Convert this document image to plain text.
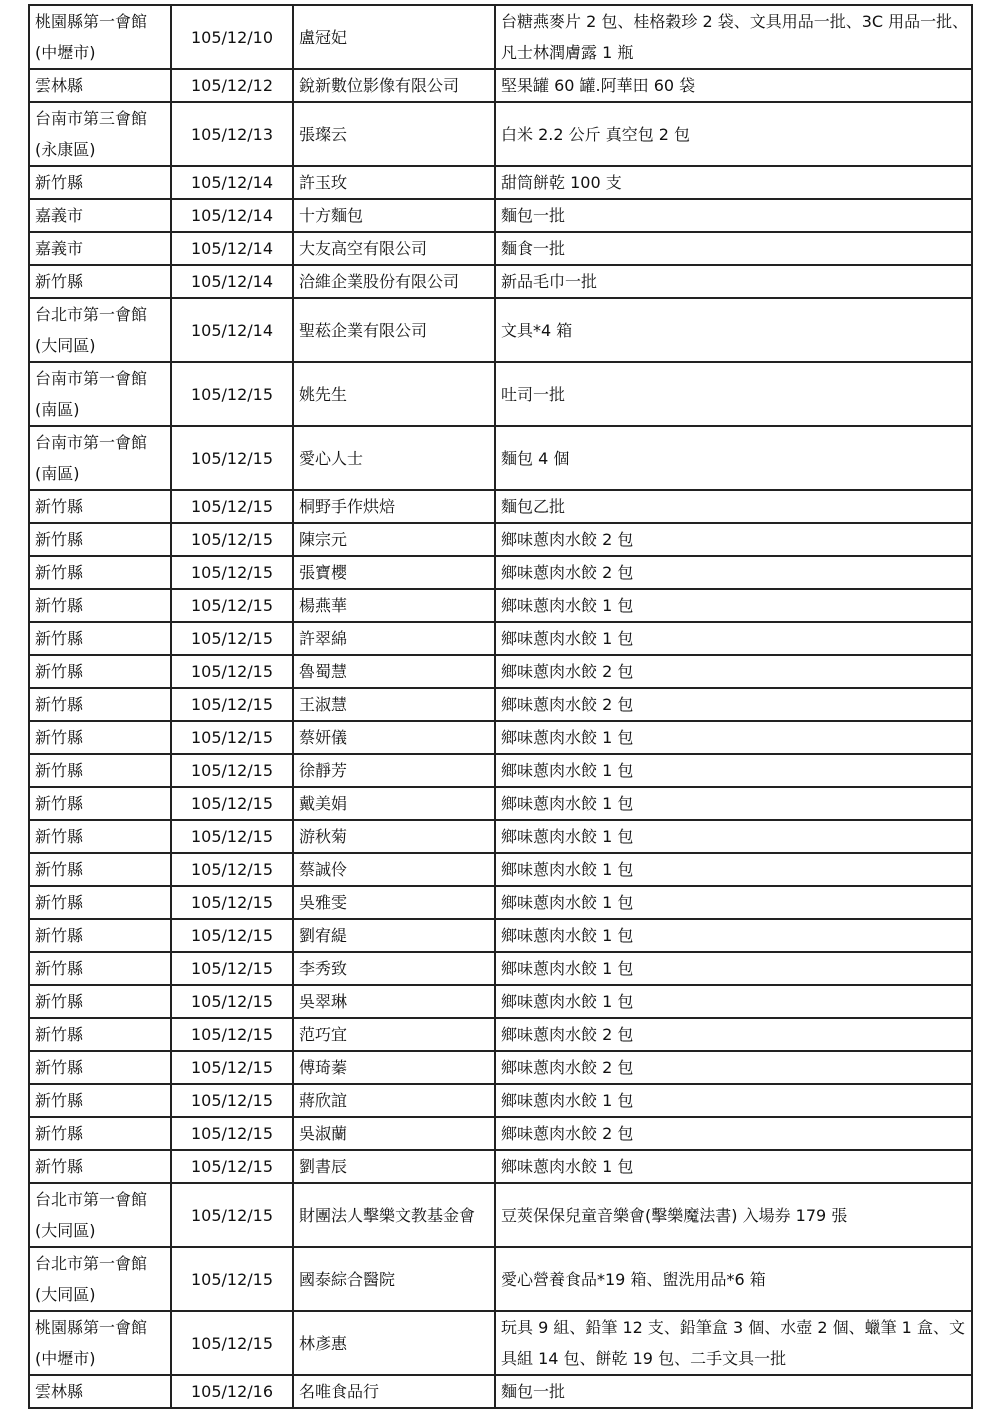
桃園縣第一會館
(中壢市)	105/12/10	盧冠妃	台糖燕麥片 2 包、桂格穀珍 2 袋、文具用品一批、3C 用品一批、凡士林潤膚露 1 瓶
雲林縣	105/12/12	銳新數位影像有限公司	堅果罐 60 罐.阿華田 60 袋
台南市第三會館
(永康區)	105/12/13	張璨云	白米 2.2 公斤 真空包 2 包
新竹縣	105/12/14	許玉玫	甜筒餅乾 100 支
嘉義市	105/12/14	十方麵包	麵包一批
嘉義市	105/12/14	大友高空有限公司	麵食一批
新竹縣	105/12/14	洽維企業股份有限公司	新品毛巾一批
台北市第一會館
(大同區)	105/12/14	聖菘企業有限公司	文具*4 箱
台南市第一會館
(南區)	105/12/15	姚先生	吐司一批
台南市第一會館
(南區)	105/12/15	愛心人士	麵包 4 個
新竹縣	105/12/15	桐野手作烘焙	麵包乙批
新竹縣	105/12/15	陳宗元	鄉味蔥肉水餃 2 包
新竹縣	105/12/15	張寶櫻	鄉味蔥肉水餃 2 包
新竹縣	105/12/15	楊燕華	鄉味蔥肉水餃 1 包
新竹縣	105/12/15	許翠綿	鄉味蔥肉水餃 1 包
新竹縣	105/12/15	魯蜀慧	鄉味蔥肉水餃 2 包
新竹縣	105/12/15	王淑慧	鄉味蔥肉水餃 2 包
新竹縣	105/12/15	蔡妍儀	鄉味蔥肉水餃 1 包
新竹縣	105/12/15	徐靜芳	鄉味蔥肉水餃 1 包
新竹縣	105/12/15	戴美娟	鄉味蔥肉水餃 1 包
新竹縣	105/12/15	游秋菊	鄉味蔥肉水餃 1 包
新竹縣	105/12/15	蔡誠伶	鄉味蔥肉水餃 1 包
新竹縣	105/12/15	吳雅雯	鄉味蔥肉水餃 1 包
新竹縣	105/12/15	劉宥緹	鄉味蔥肉水餃 1 包
新竹縣	105/12/15	李秀致	鄉味蔥肉水餃 1 包
新竹縣	105/12/15	吳翠琳	鄉味蔥肉水餃 1 包
新竹縣	105/12/15	范巧宜	鄉味蔥肉水餃 2 包
新竹縣	105/12/15	傅琦蓁	鄉味蔥肉水餃 2 包
新竹縣	105/12/15	蔣欣誼	鄉味蔥肉水餃 1 包
新竹縣	105/12/15	吳淑蘭	鄉味蔥肉水餃 2 包
新竹縣	105/12/15	劉書辰	鄉味蔥肉水餃 1 包
台北市第一會館
(大同區)	105/12/15	財團法人擊樂文教基金會	豆莢保保兒童音樂會(擊樂魔法書) 入場券 179 張
台北市第一會館
(大同區)	105/12/15	國泰綜合醫院	愛心營養食品*19 箱、盥洗用品*6 箱
桃園縣第一會館
(中壢市)	105/12/15	林彥惠	玩具 9 組、鉛筆 12 支、鉛筆盒 3 個、水壺 2 個、蠟筆 1 盒、文具組 14 包、餅乾 19 包、二手文具一批
雲林縣	105/12/16	名唯食品行	麵包一批
